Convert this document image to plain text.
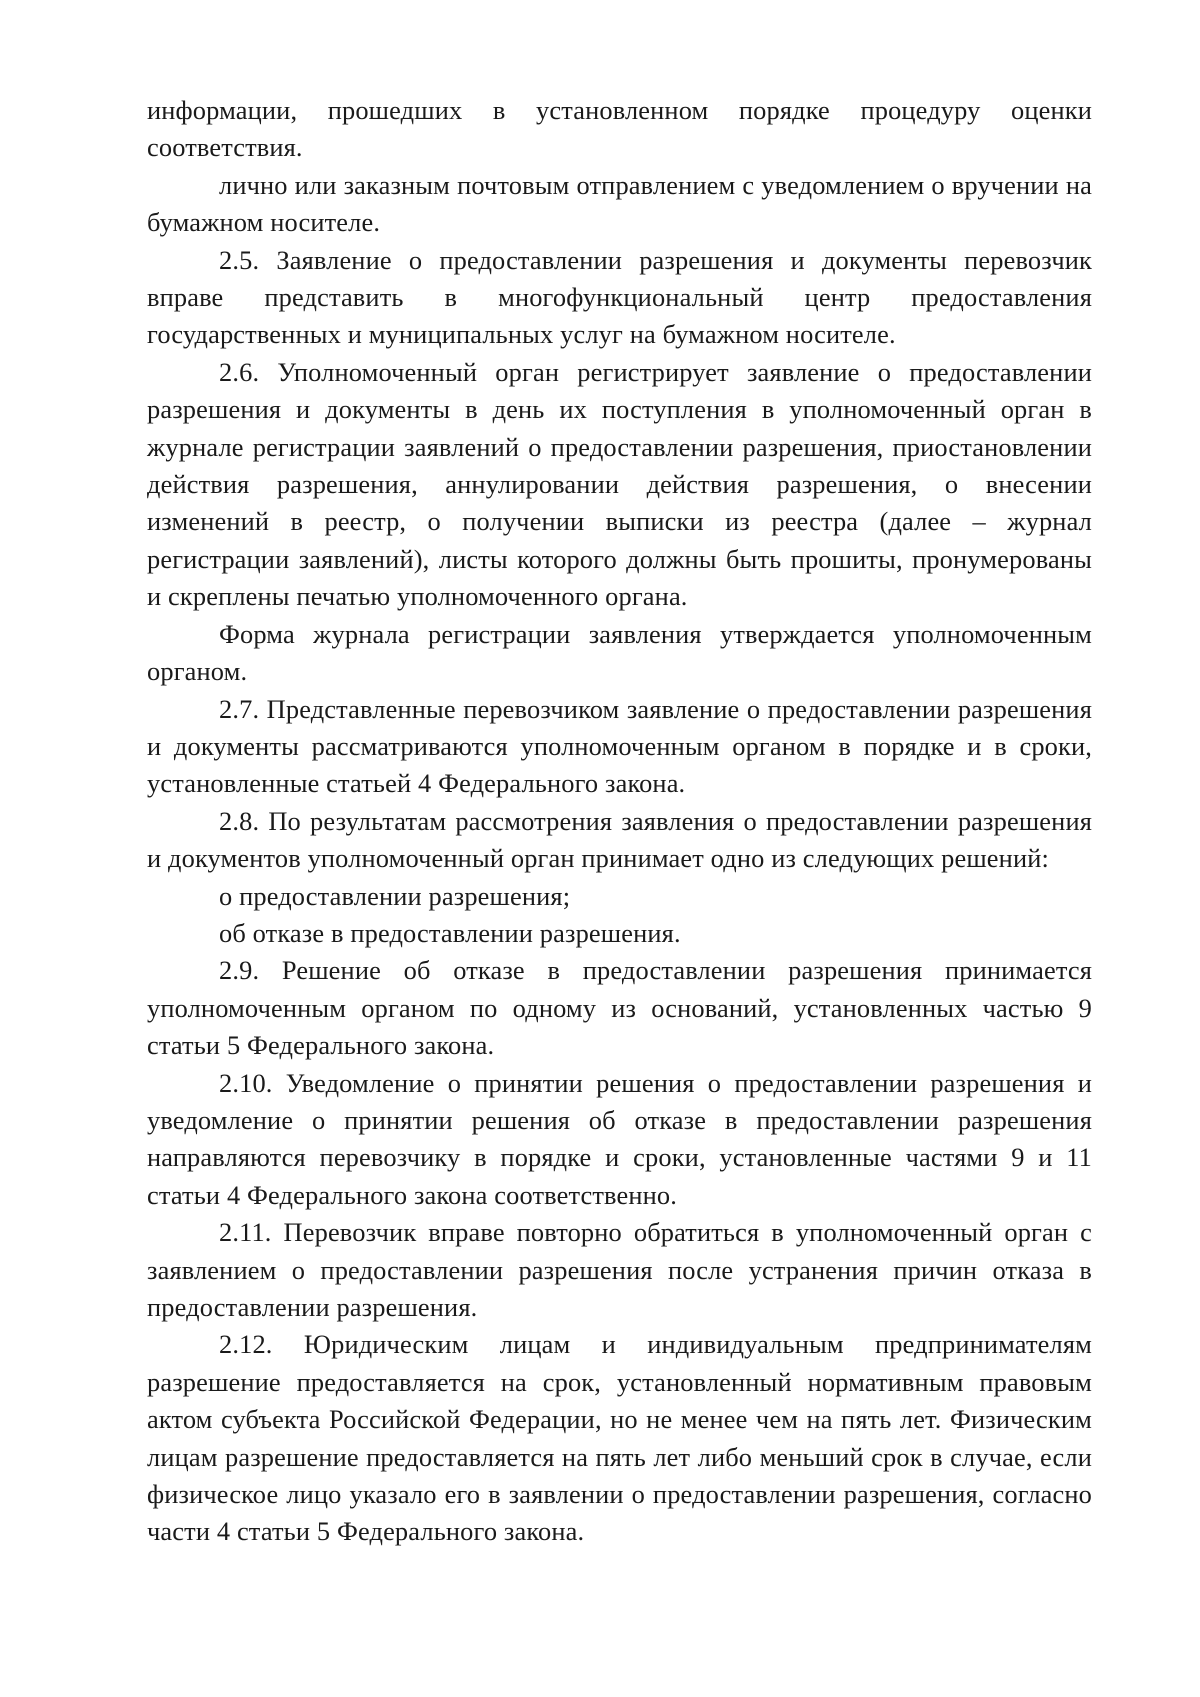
информации, прошедших в установленном порядке процедуру оценки соответствия.

лично или заказным почтовым отправлением с уведомлением о вручении на бумажном носителе.

2.5. Заявление о предоставлении разрешения и документы перевозчик вправе представить в многофункциональный центр предоставления государственных и муниципальных услуг на бумажном носителе.

2.6. Уполномоченный орган регистрирует заявление о предоставлении разрешения и документы в день их поступления в уполномоченный орган в журнале регистрации заявлений о предоставлении разрешения, приостановлении действия разрешения, аннулировании действия разрешения, о внесении изменений в реестр, о получении выписки из реестра (далее – журнал регистрации заявлений), листы которого должны быть прошиты, пронумерованы и скреплены печатью уполномоченного органа.

Форма журнала регистрации заявления утверждается уполномоченным органом.

2.7. Представленные перевозчиком заявление о предоставлении разрешения и документы рассматриваются уполномоченным органом в порядке и в сроки, установленные статьей 4 Федерального закона.

2.8. По результатам рассмотрения заявления о предоставлении разрешения и документов уполномоченный орган принимает одно из следующих решений:

о предоставлении разрешения;

об отказе в предоставлении разрешения.

2.9. Решение об отказе в предоставлении разрешения принимается уполномоченным органом по одному из оснований, установленных частью 9 статьи 5 Федерального закона.

2.10. Уведомление о принятии решения о предоставлении разрешения и уведомление о принятии решения об отказе в предоставлении разрешения направляются перевозчику в порядке и сроки, установленные частями 9 и 11 статьи 4 Федерального закона соответственно.

2.11. Перевозчик вправе повторно обратиться в уполномоченный орган с заявлением о предоставлении разрешения после устранения причин отказа в предоставлении разрешения.

2.12. Юридическим лицам и индивидуальным предпринимателям разрешение предоставляется на срок, установленный нормативным правовым актом субъекта Российской Федерации, но не менее чем на пять лет. Физическим лицам разрешение предоставляется на пять лет либо меньший срок в случае, если физическое лицо указало его в заявлении о предоставлении разрешения, согласно части 4 статьи 5 Федерального закона.
